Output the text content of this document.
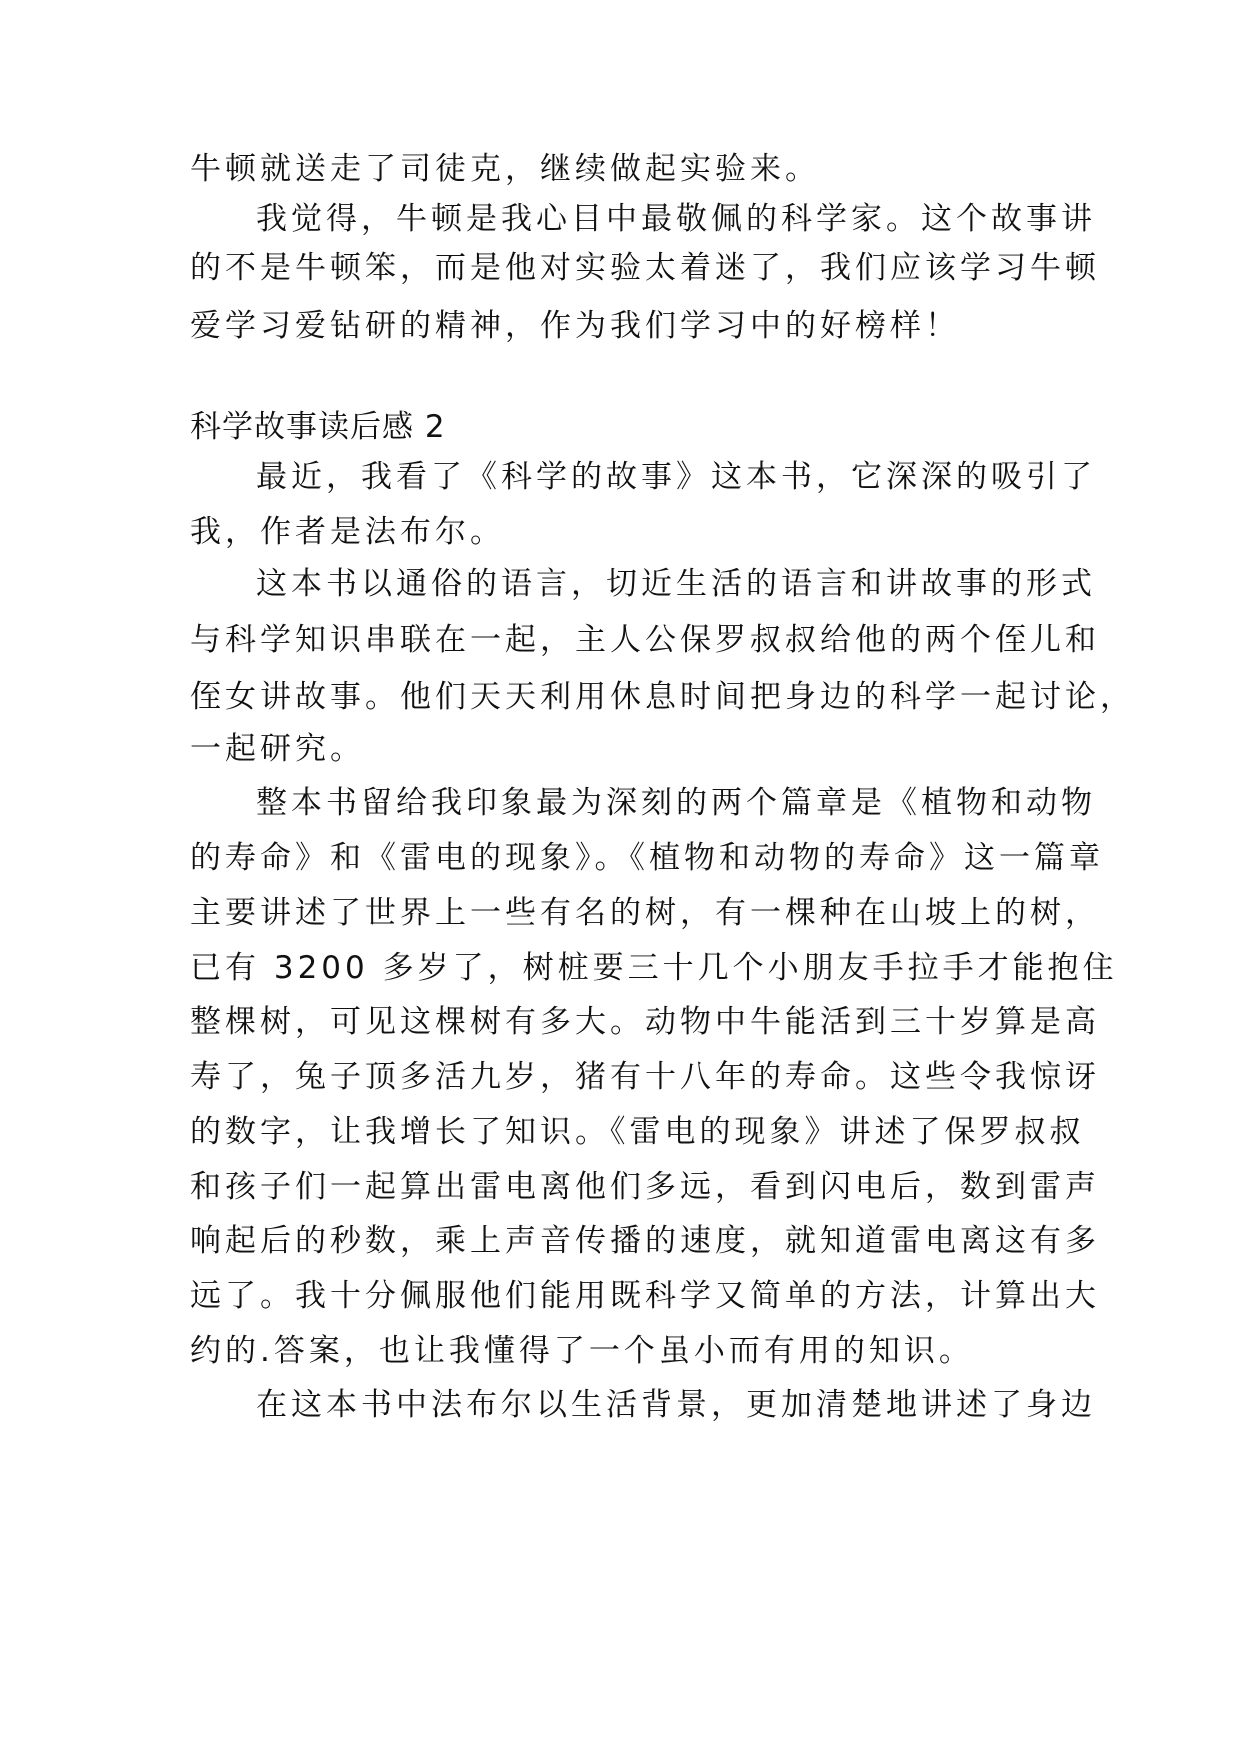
牛顿就送走了司徒克，继续做起实验来。
我觉得，牛顿是我心目中最敬佩的科学家。这个故事讲
的不是牛顿笨，而是他对实验太着迷了，我们应该学习牛顿
爱学习爱钻研的精神，作为我们学习中的好榜样！
科学故事读后感 2
最近，我看了《科学的故事》这本书，它深深的吸引了
我，作者是法布尔。
这本书以通俗的语言，切近生活的语言和讲故事的形式
与科学知识串联在一起，主人公保罗叔叔给他的两个侄儿和
侄女讲故事。他们天天利用休息时间把身边的科学一起讨论，
一起研究。
整本书留给我印象最为深刻的两个篇章是《植物和动物
的寿命》和《雷电的现象》。《植物和动物的寿命》这一篇章
主要讲述了世界上一些有名的树，有一棵种在山坡上的树，
已有 3200 多岁了，树桩要三十几个小朋友手拉手才能抱住
整棵树，可见这棵树有多大。动物中牛能活到三十岁算是高
寿了，兔子顶多活九岁，猪有十八年的寿命。这些令我惊讶
的数字，让我增长了知识。《雷电的现象》讲述了保罗叔叔
和孩子们一起算出雷电离他们多远，看到闪电后，数到雷声
响起后的秒数，乘上声音传播的速度，就知道雷电离这有多
远了。我十分佩服他们能用既科学又简单的方法，计算出大
约的.答案，也让我懂得了一个虽小而有用的知识。
在这本书中法布尔以生活背景，更加清楚地讲述了身边
